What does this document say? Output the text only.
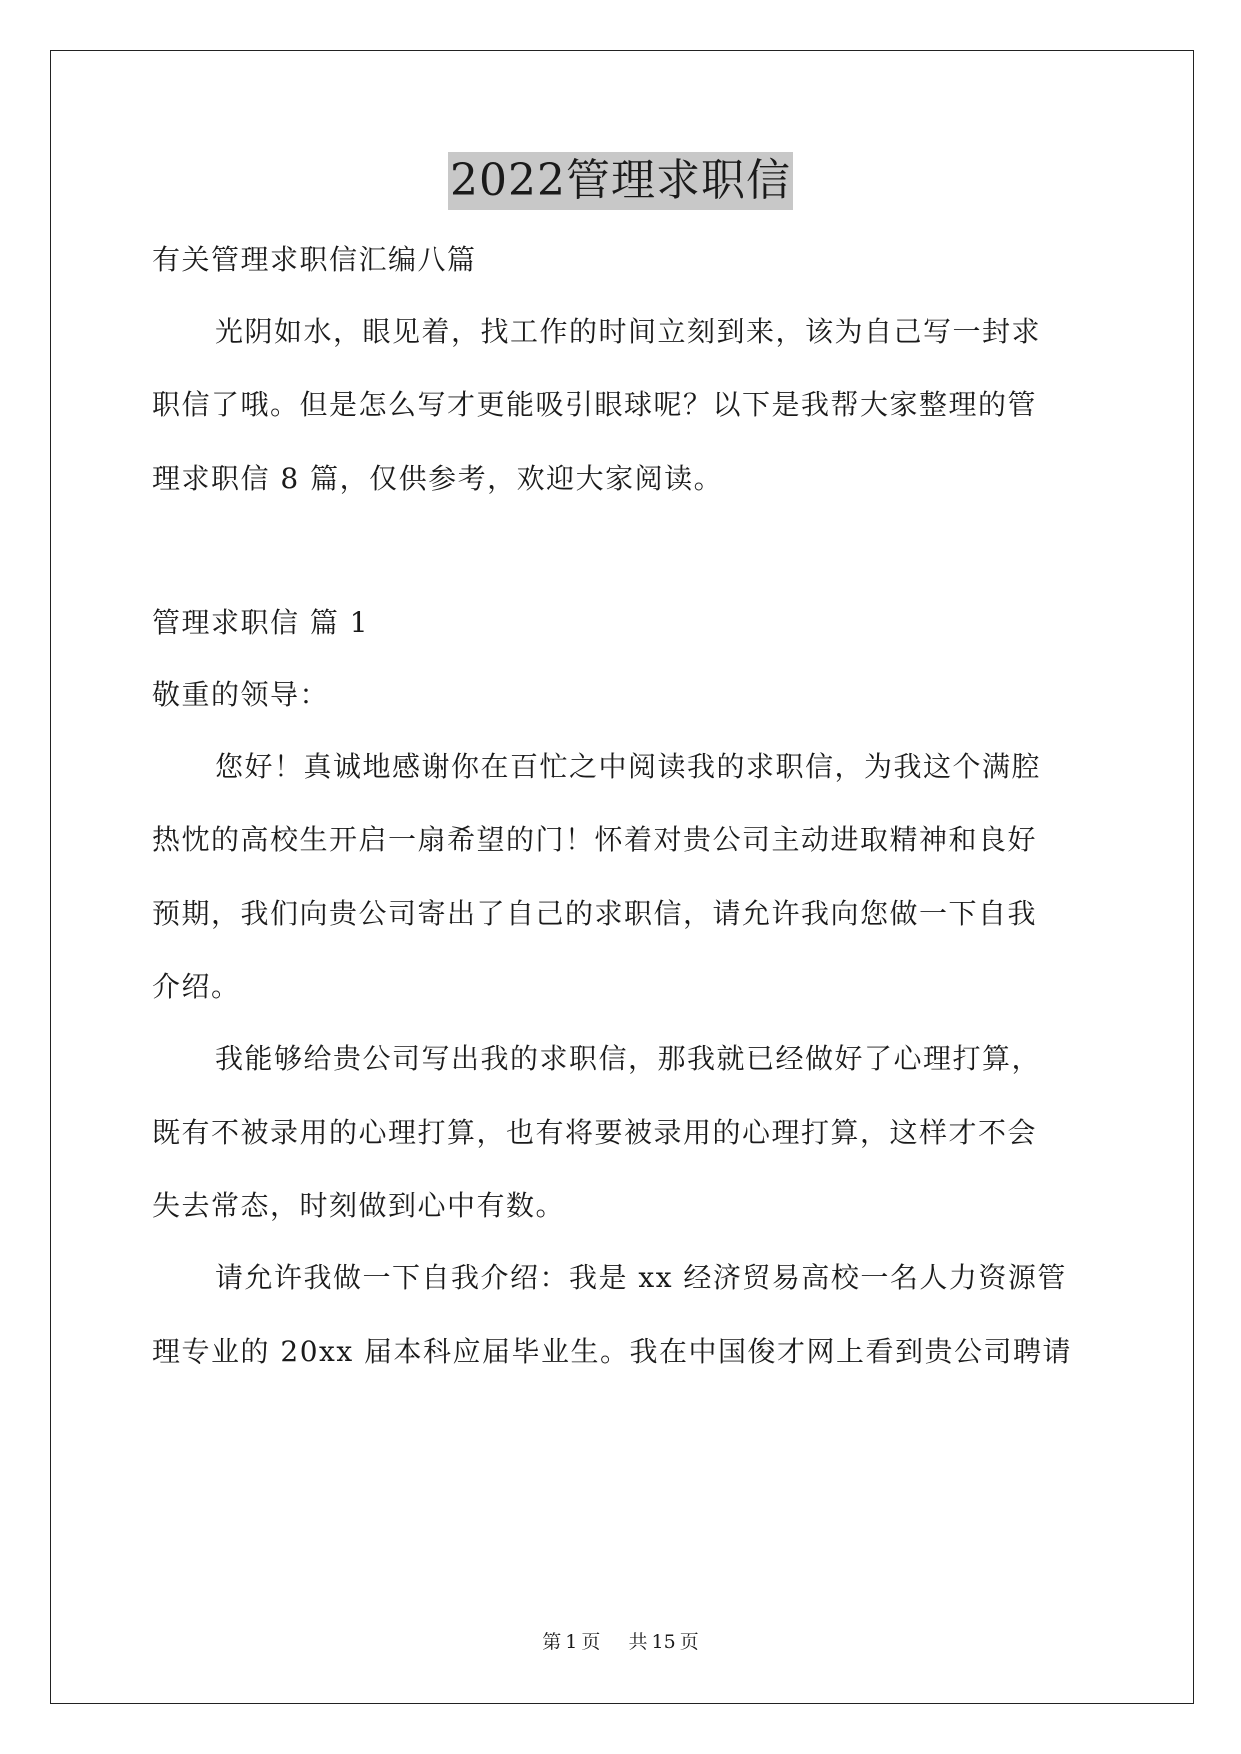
2022管理求职信
有关管理求职信汇编八篇
光阴如水，眼见着，找工作的时间立刻到来，该为自己写一封求
职信了哦。但是怎么写才更能吸引眼球呢？以下是我帮大家整理的管
理求职信 8 篇，仅供参考，欢迎大家阅读。
管理求职信 篇 1
敬重的领导：
您好！真诚地感谢你在百忙之中阅读我的求职信，为我这个满腔
热忱的高校生开启一扇希望的门！怀着对贵公司主动进取精神和良好
预期，我们向贵公司寄出了自己的求职信，请允许我向您做一下自我
介绍。
我能够给贵公司写出我的求职信，那我就已经做好了心理打算，
既有不被录用的心理打算，也有将要被录用的心理打算，这样才不会
失去常态，时刻做到心中有数。
请允许我做一下自我介绍：我是 xx 经济贸易高校一名人力资源管
理专业的 20xx 届本科应届毕业生。我在中国俊才网上看到贵公司聘请
第 1 页 共 15 页
